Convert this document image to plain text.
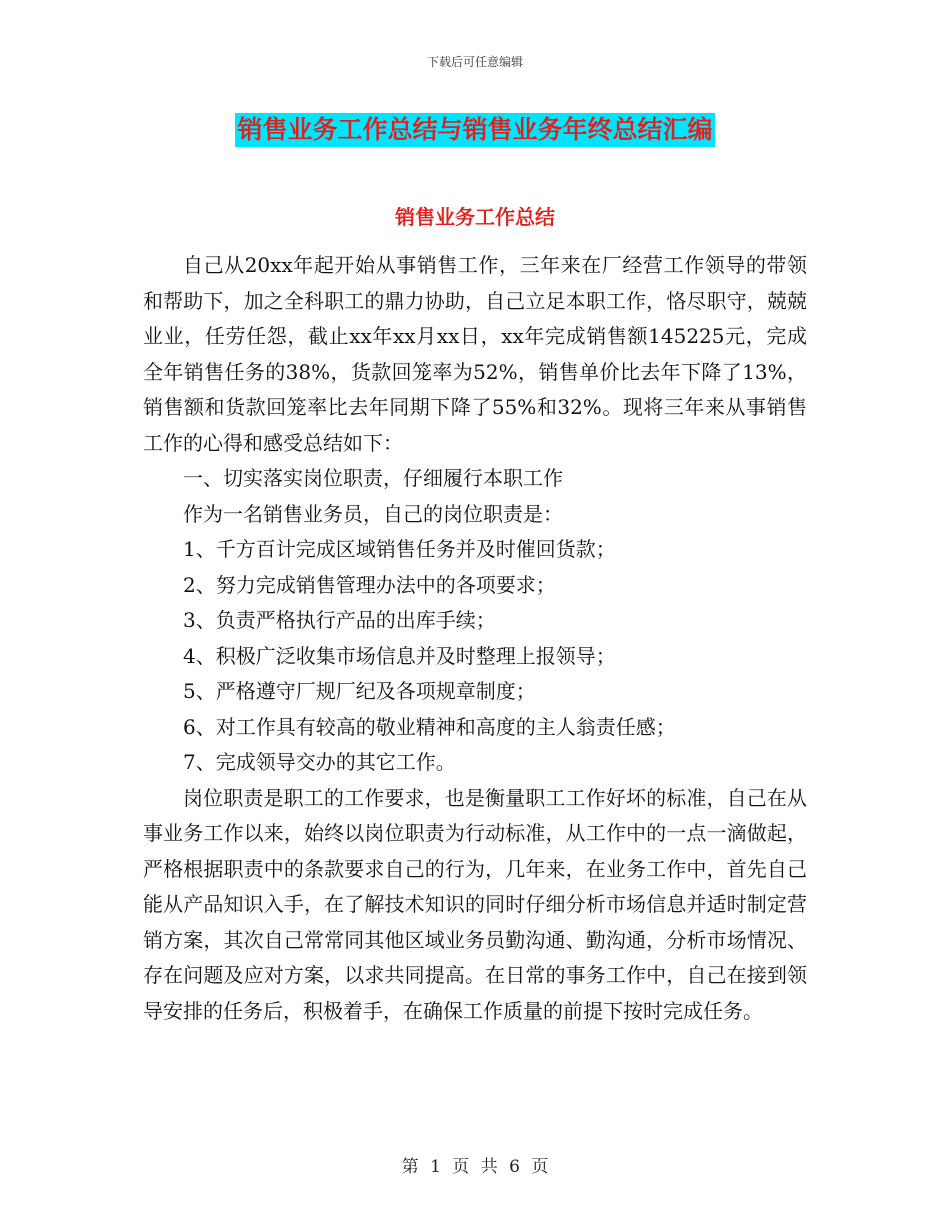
下载后可任意编辑
销售业务工作总结与销售业务年终总结汇编
销售业务工作总结

自己从20xx年起开始从事销售工作，三年来在厂经营工作领导的带领和帮助下，加之全科职工的鼎力协助，自己立足本职工作，恪尽职守，兢兢业业，任劳任怨，截止xx年xx月xx日，xx年完成销售额145225元，完成全年销售任务的38%，货款回笼率为52%，销售单价比去年下降了13%，销售额和货款回笼率比去年同期下降了55%和32%。现将三年来从事销售工作的心得和感受总结如下：

一、切实落实岗位职责，仔细履行本职工作

作为一名销售业务员，自己的岗位职责是：

1、千方百计完成区域销售任务并及时催回货款；

2、努力完成销售管理办法中的各项要求；

3、负责严格执行产品的出库手续；

4、积极广泛收集市场信息并及时整理上报领导；

5、严格遵守厂规厂纪及各项规章制度；

6、对工作具有较高的敬业精神和高度的主人翁责任感；

7、完成领导交办的其它工作。

岗位职责是职工的工作要求，也是衡量职工工作好坏的标准，自己在从事业务工作以来，始终以岗位职责为行动标准，从工作中的一点一滴做起，严格根据职责中的条款要求自己的行为，几年来，在业务工作中，首先自己能从产品知识入手，在了解技术知识的同时仔细分析市场信息并适时制定营销方案，其次自己常常同其他区域业务员勤沟通、勤沟通，分析市场情况、存在问题及应对方案，以求共同提高。在日常的事务工作中，自己在接到领导安排的任务后，积极着手，在确保工作质量的前提下按时完成任务。

第 1 页 共 6 页
